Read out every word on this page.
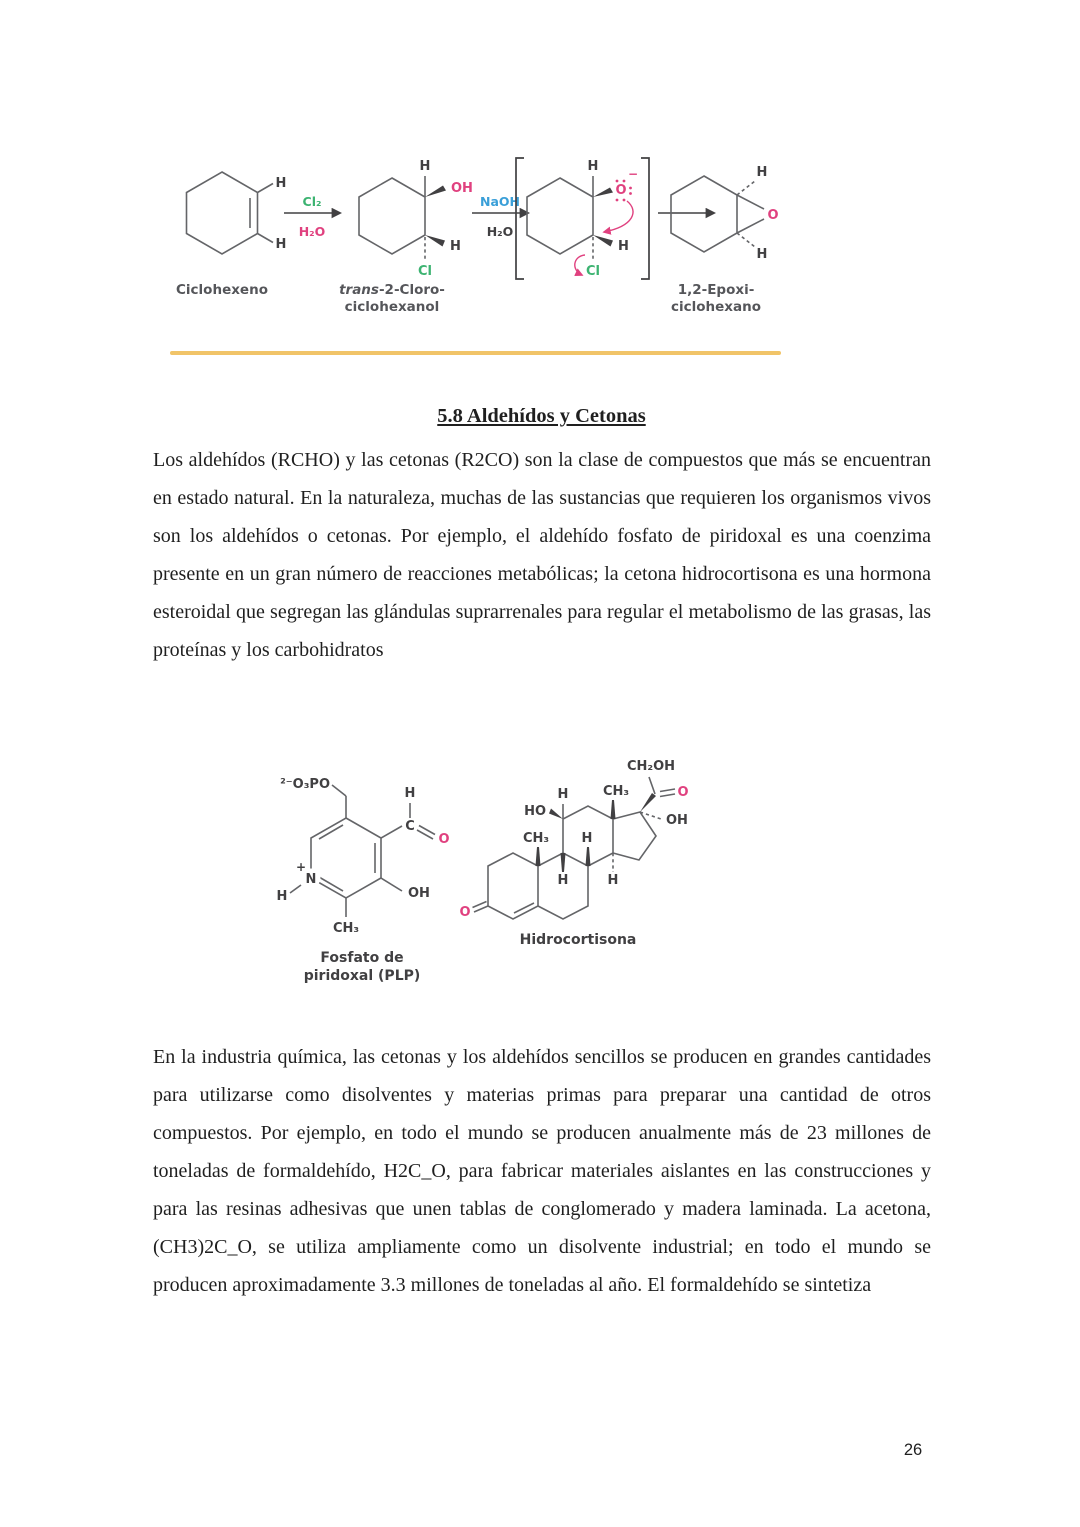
H
H
Ciclohexeno
Cl₂
H₂O
H
OH
H
Cl
trans-2-Cloro-
ciclohexanol
NaOH
H₂O
H
O
−
H
Cl
O
H
H
1,2-Epoxi-
ciclohexano
5.8 Aldehídos y Cetonas
Los aldehídos (RCHO) y las cetonas (R2CO) son la clase de compuestos que más se encuentran en estado natural. En la naturaleza, muchas de las sustancias que requieren los organismos vivos son los aldehídos o cetonas. Por ejemplo, el aldehído fosfato de piridoxal es una coenzima presente en un gran número de reacciones metabólicas; la cetona hidrocortisona es una hormona esteroidal que segregan las glándulas suprarrenales para regular el metabolismo de las grasas, las proteínas y los carbohidratos
²⁻O₃PO
C
H
O
OH
CH₃
N
+
H
Fosfato de
piridoxal (PLP)
O
CH₃
HO
H	CH₃
H
H	H
OH
O
CH₂OH
Hidrocortisona
En la industria química, las cetonas y los aldehídos sencillos se producen en grandes cantidades para utilizarse como disolventes y materias primas para preparar una cantidad de otros compuestos. Por ejemplo, en todo el mundo se producen anualmente más de 23 millones de toneladas de formaldehído, H2C_O, para fabricar materiales aislantes en las construcciones y para las resinas adhesivas que unen tablas de conglomerado y madera laminada. La acetona, (CH3)2C_O, se utiliza ampliamente como un disolvente industrial; en todo el mundo se producen aproximadamente 3.3 millones de toneladas al año. El formaldehído se sintetiza
26
